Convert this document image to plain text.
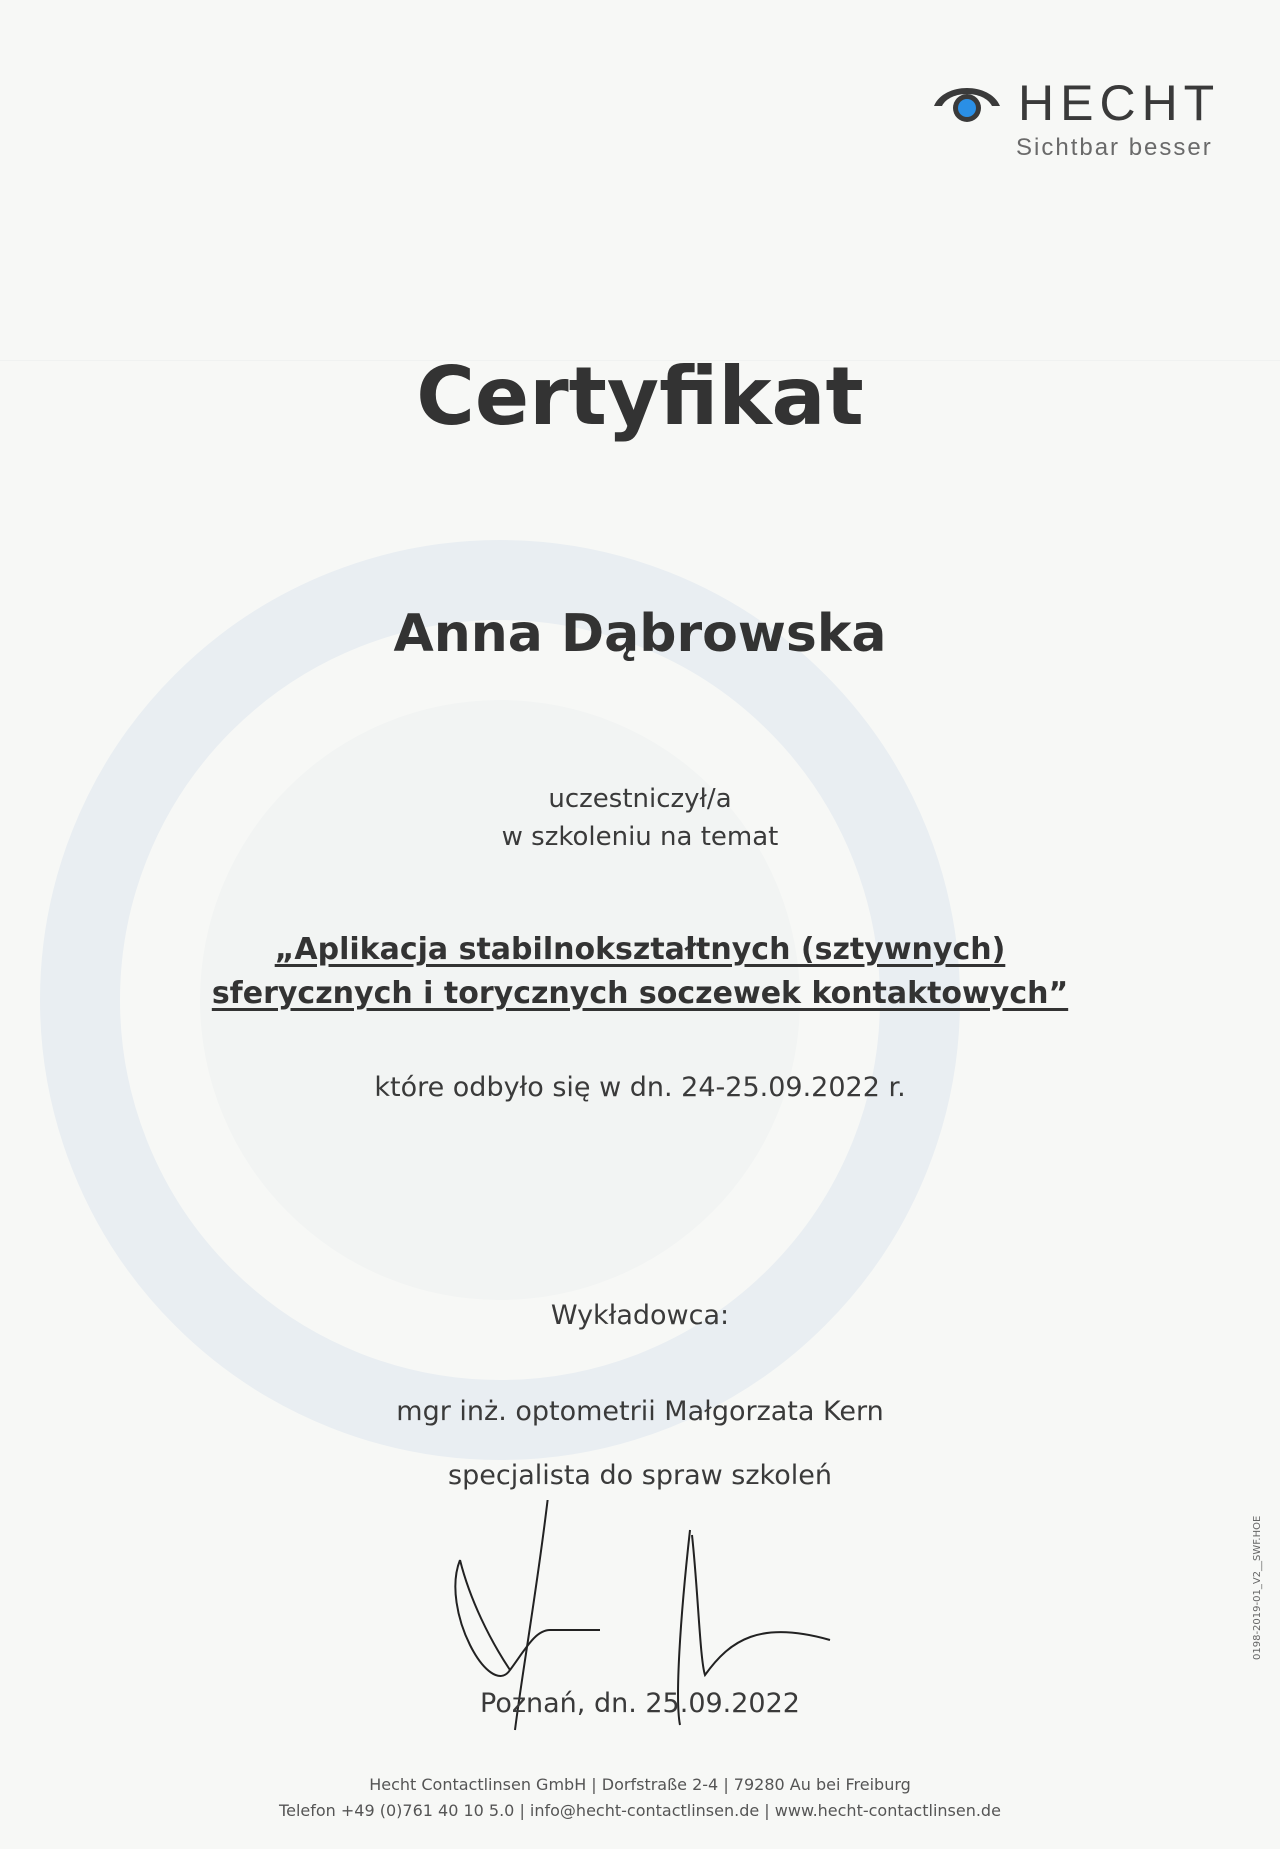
HECHT
Sichtbar besser
Certyfikat
Anna Dąbrowska
uczestniczył/a
w szkoleniu na temat
„Aplikacja stabilnokształtnych (sztywnych)
sferycznych i torycznych soczewek kontaktowych”
które odbyło się w dn. 24-25.09.2022 r.
Wykładowca:
mgr inż. optometrii Małgorzata Kern
specjalista do spraw szkoleń
Poznań, dn. 25.09.2022
Hecht Contactlinsen GmbH | Dorfstraße 2-4 | 79280 Au bei Freiburg
Telefon +49 (0)761 40 10 5.0 | info@hecht-contactlinsen.de | www.hecht-contactlinsen.de
0198-2019-01_V2__SWF.HOE
